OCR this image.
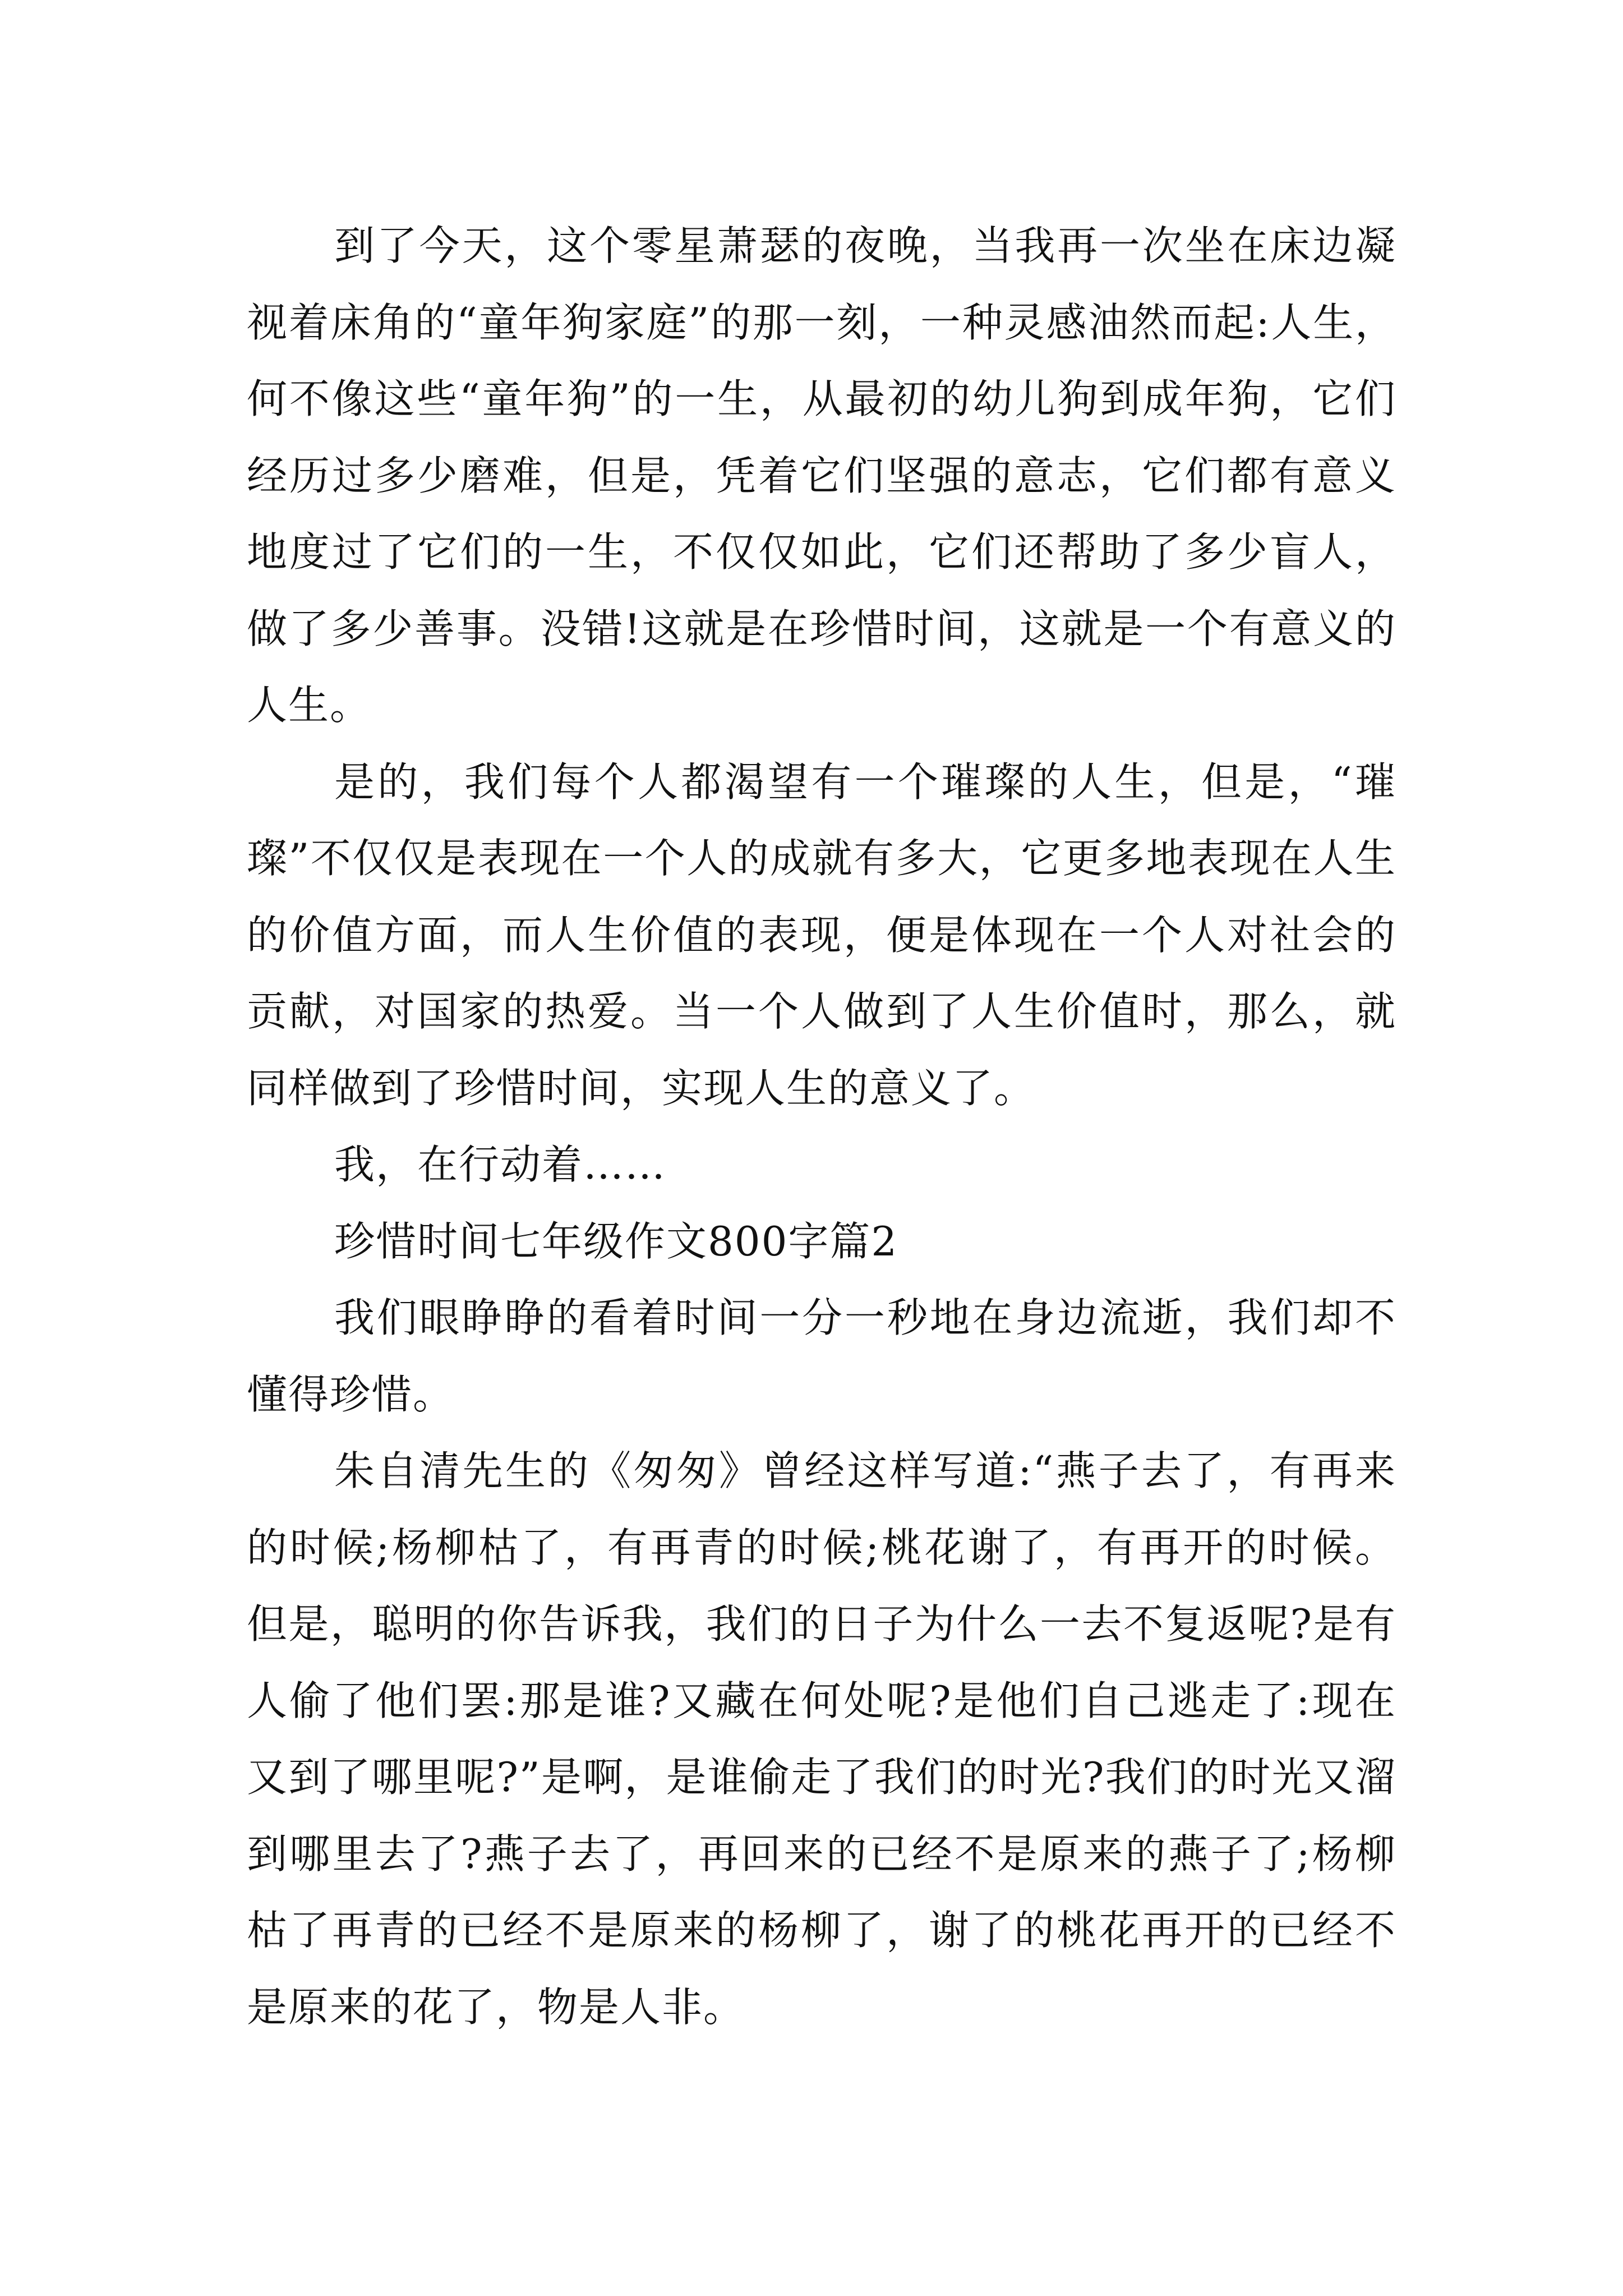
到了今天，这个零星萧瑟的夜晚，当我再一次坐在床边凝视着床角的“童年狗家庭”的那一刻，一种灵感油然而起:人生，何不像这些“童年狗”的一生，从最初的幼儿狗到成年狗，它们经历过多少磨难，但是，凭着它们坚强的意志，它们都有意义地度过了它们的一生，不仅仅如此，它们还帮助了多少盲人，做了多少善事。没错!这就是在珍惜时间，这就是一个有意义的人生。

是的，我们每个人都渴望有一个璀璨的人生，但是，“璀璨”不仅仅是表现在一个人的成就有多大，它更多地表现在人生的价值方面，而人生价值的表现，便是体现在一个人对社会的贡献，对国家的热爱。当一个人做到了人生价值时，那么，就同样做到了珍惜时间，实现人生的意义了。

我，在行动着……

珍惜时间七年级作文800字篇2

我们眼睁睁的看着时间一分一秒地在身边流逝，我们却不懂得珍惜。

朱自清先生的《匆匆》曾经这样写道:“燕子去了，有再来的时候;杨柳枯了，有再青的时候;桃花谢了，有再开的时候。但是，聪明的你告诉我，我们的日子为什么一去不复返呢?是有人偷了他们罢:那是谁?又藏在何处呢?是他们自己逃走了:现在又到了哪里呢?”是啊，是谁偷走了我们的时光?我们的时光又溜到哪里去了?燕子去了，再回来的已经不是原来的燕子了;杨柳枯了再青的已经不是原来的杨柳了，谢了的桃花再开的已经不是原来的花了，物是人非。
